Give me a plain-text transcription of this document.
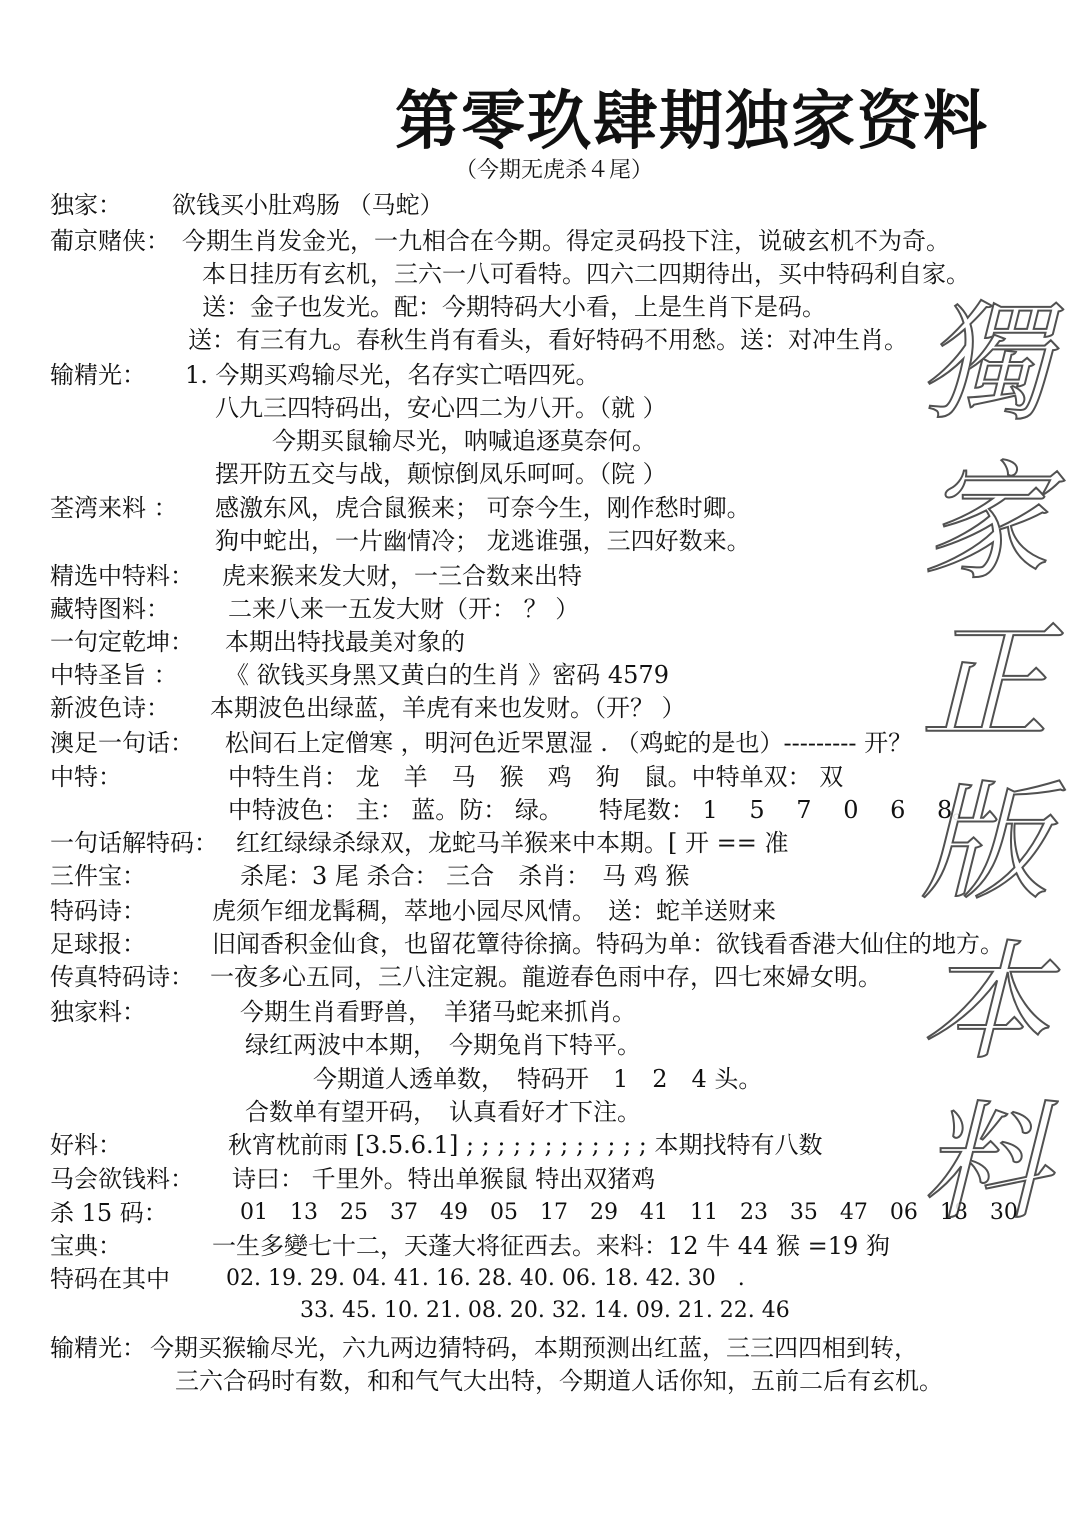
第零玖肆期独家资料
（今期无虎杀４尾）
独家： 欲钱买小肚鸡肠 （马蛇）
葡京赌侠： 今期生肖发金光，一九相合在今期。得定灵码投下注，说破玄机不为奇。
本日挂历有玄机，三六一八可看特。四六二四期待出，买中特码利自家。
送：金子也发光。配：今期特码大小看，上是生肖下是码。
送：有三有九。春秋生肖有看头，看好特码不用愁。送：对冲生肖。
输精光： 1. 今期买鸡输尽光，名存实亡唔四死。
八九三四特码出，安心四二为八开。（就 ）
今期买鼠输尽光，呐喊追逐莫奈何。
摆开防五交与战，颠惊倒凤乐呵呵。（院 ）
荃湾来料 ： 感激东风，虎合鼠猴来； 可奈今生，刚作愁时卿。
狗中蛇出，一片幽情冷； 龙逃谁强，三四好数来。
精选中特料： 虎来猴来发大财，一三合数来出特
藏特图料： 二来八来一五发大财（开： ？ ）
一句定乾坤： 本期出特找最美对象的
中特圣旨 ： 《 欲钱买身黑又黄白的生肖 》密码 4579
新波色诗： 本期波色出绿蓝，羊虎有来也发财。（开？ ）
澳足一句话： 松间石上定僧寒 ，明河色近罘罳湿 . （鸡蛇的是也）--------- 开？
中特：	中特生肖： 龙　羊　马　猴　鸡　狗　鼠。中特单双： 双
中特波色： 主： 蓝。防： 绿。　　特尾数： 1　 5　 7　 0　 6　 8。
一句话解特码： 红红绿绿杀绿双，龙蛇马羊猴来中本期。[ 开 == 准
三件宝：	杀尾：3 尾 杀合： 三合　杀肖：　马 鸡 猴
特码诗：	虎须乍细龙髯稠，萃地小园尽风情。　送：蛇羊送财来
足球报：	旧闻香积金仙食，也留花簟待徐摘。特码为单：欲钱看香港大仙住的地方。
传真特码诗： 一夜多心五同，三八注定親。龍遊春色雨中存，四七來婦女明。
独家料：	今期生肖看野兽，　羊猪马蛇来抓肖。
绿红两波中本期，　今期兔肖下特平。
今期道人透单数，　特码开　1　2　4 头。
合数单有望开码，　认真看好才下注。
好料：	秋宵枕前雨 [3.5.6.1] ; ; ; ; ; ; ; ; ; ; ; ; 本期找特有八数
马会欲钱料： 诗曰： 千里外。特出单猴鼠 特出双猪鸡
杀 15 码：	01　13　25　37　49　05　17　29　41　11　23　35　47　06　18　30
宝典：	一生多變七十二，天蓬大将征西去。来料：12 牛 44 猴 =19 狗
特码在其中	02. 19. 29. 04. 41. 16. 28. 40. 06. 18. 42. 30　.
33. 45. 10. 21. 08. 20. 32. 14. 09. 21. 22. 46
输精光： 今期买猴输尽光，六九两边猜特码，本期预测出红蓝，三三四四相到转，
三六合码时有数，和和气气大出特，今期道人话你知，五前二后有玄机。
獨
家
正
版
本
料
